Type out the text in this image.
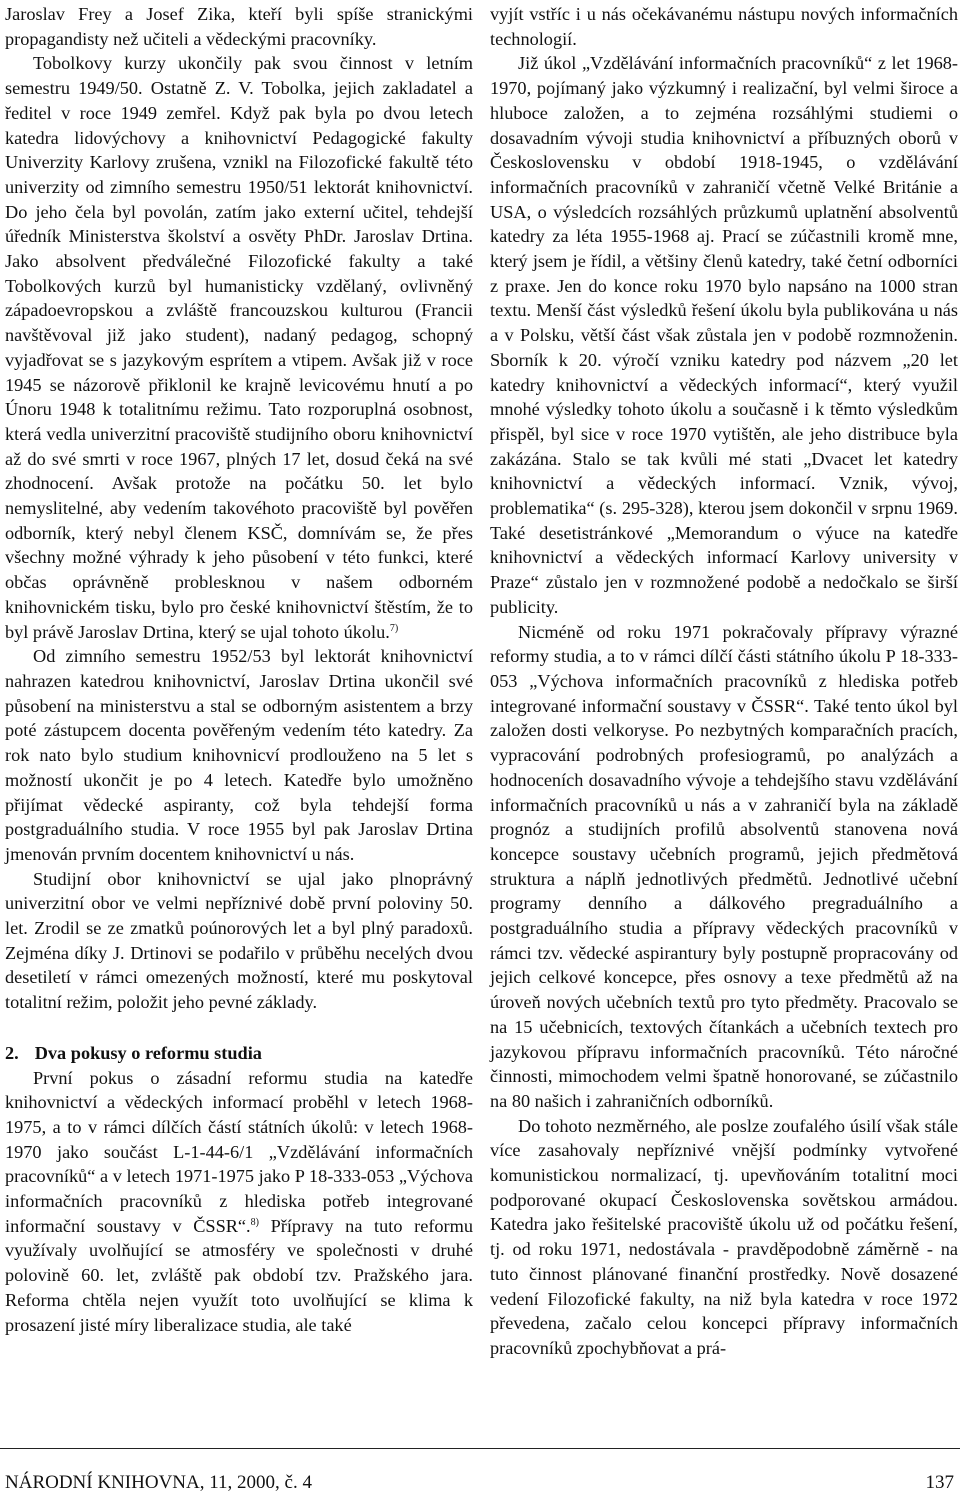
Jaroslav Frey a Josef Zika, kteří byli spíše stranickými propagandisty než učiteli a vědeckými pracovníky.

Tobolkovy kurzy ukončily pak svou činnost v letním semestru 1949/50. Ostatně Z. V. Tobolka, jejich zakladatel a ředitel v roce 1949 zemřel. Když pak byla po dvou letech katedra lidovýchovy a knihovnictví Pedagogické fakulty Univerzity Karlovy zrušena, vznikl na Filozofické fakultě této univerzity od zimního semestru 1950/51 lektorát knihovnictví. Do jeho čela byl povolán, zatím jako externí učitel, tehdejší úředník Ministerstva školství a osvěty PhDr. Jaroslav Drtina. Jako absolvent předválečné Filozofické fakulty a také Tobolkových kurzů byl humanisticky vzdělaný, ovlivněný západoevropskou a zvláště francouzskou kulturou (Francii navštěvoval již jako student), nadaný pedagog, schopný vyjadřovat se s jazykovým esprítem a vtipem. Avšak již v roce 1945 se názorově přiklonil ke krajně levicovému hnutí a po Únoru 1948 k totalitnímu režimu. Tato rozporuplná osobnost, která vedla univerzitní pracoviště studijního oboru knihovnictví až do své smrti v roce 1967, plných 17 let, dosud čeká na své zhodnocení. Avšak protože na počátku 50. let bylo nemyslitelné, aby vedením takovéhoto pracoviště byl pověřen odborník, který nebyl členem KSČ, domnívám se, že přes všechny možné výhrady k jeho působení v této funkci, které občas oprávněně problesknou v našem odborném knihovnickém tisku, bylo pro české knihovnictví štěstím, že to byl právě Jaroslav Drtina, který se ujal tohoto úkolu.$^{7)}$

Od zimního semestru 1952/53 byl lektorát knihovnictví nahrazen katedrou knihovnictví, Jaroslav Drtina ukončil své působení na ministerstvu a stal se odborným asistentem a brzy poté zástupcem docenta pověřeným vedením této katedry. Za rok nato bylo studium knihovnicví prodlouženo na 5 let s možností ukončit je po 4 letech. Katedře bylo umožněno přijímat vědecké aspiranty, což byla tehdejší forma postgraduálního studia. V roce 1955 byl pak Jaroslav Drtina jmenován prvním docentem knihovnictví u nás.

Studijní obor knihovnictví se ujal jako plnoprávný univerzitní obor ve velmi nepříznivé době první poloviny 50. let. Zrodil se ze zmatků poúnorových let a byl plný paradoxů. Zejména díky J. Drtinovi se podařilo v průběhu necelých dvou desetiletí v rámci omezených možností, které mu poskytoval totalitní režim, položit jeho pevné základy.

2. Dva pokusy o reformu studia

První pokus o zásadní reformu studia na katedře knihovnictví a vědeckých informací proběhl v letech 1968-1975, a to v rámci dílčích částí státních úkolů: v letech 1968-1970 jako součást L-1-44-6/1 „Vzdělávání informačních pracovníků“ a v letech 1971-1975 jako P 18-333-053 „Výchova informačních pracovníků z hlediska potřeb integrované informační soustavy v ČSSR“.$^{8)}$ Přípravy na tuto reformu využívaly uvolňující se atmosféry ve společnosti v druhé polovině 60. let, zvláště pak období tzv. Pražského jara. Reforma chtěla nejen využít toto uvolňující se klima k prosazení jisté míry liberalizace studia, ale také

vyjít vstříc i u nás očekávanému nástupu nových informačních technologií.

Již úkol „Vzdělávání informačních pracovníků“ z let 1968-1970, pojímaný jako výzkumný i realizační, byl velmi široce a hluboce založen, a to zejména rozsáhlými studiemi o dosavadním vývoji studia knihovnictví a příbuzných oborů v Československu v období 1918-1945, o vzdělávání informačních pracovníků v zahraničí včetně Velké Británie a USA, o výsledcích rozsáhlých průzkumů uplatnění absolventů katedry za léta 1955-1968 aj. Prací se zúčastnili kromě mne, který jsem je řídil, a většiny členů katedry, také četní odborníci z praxe. Jen do konce roku 1970 bylo napsáno na 1000 stran textu. Menší část výsledků řešení úkolu byla publikována u nás a v Polsku, větší část však zůstala jen v podobě rozmnoženin. Sborník k 20. výročí vzniku katedry pod názvem „20 let katedry knihovnictví a vědeckých informací“, který využil mnohé výsledky tohoto úkolu a současně i k těmto výsledkům přispěl, byl sice v roce 1970 vytištěn, ale jeho distribuce byla zakázána. Stalo se tak kvůli mé stati „Dvacet let katedry knihovnictví a vědeckých informací. Vznik, vývoj, problematika“ (s. 295-328), kterou jsem dokončil v srpnu 1969. Také desetistránkové „Memorandum o výuce na katedře knihovnictví a vědeckých informací Karlovy university v Praze“ zůstalo jen v rozmnožené podobě a nedočkalo se širší publicity.

Nicméně od roku 1971 pokračovaly přípravy výrazné reformy studia, a to v rámci dílčí části státního úkolu P 18-333-053 „Výchova informačních pracovníků z hlediska potřeb integrované informační soustavy v ČSSR“. Také tento úkol byl založen dosti velkoryse. Po nezbytných komparačních pracích, vypracování podrobných profesiogramů, po analýzách a hodnoceních dosavadního vývoje a tehdejšího stavu vzdělávání informačních pracovníků u nás a v zahraničí byla na základě prognóz a studijních profilů absolventů stanovena nová koncepce soustavy učebních programů, jejich předmětová struktura a náplň jednotlivých předmětů. Jednotlivé učební programy denního a dálkového pregraduálního a postgraduálního studia a přípravy vědeckých pracovníků v rámci tzv. vědecké aspirantury byly postupně propracovány od jejich celkové koncepce, přes osnovy a texe předmětů až na úroveň nových učebních textů pro tyto předměty. Pracovalo se na 15 učebnicích, textových čítankách a učebních textech pro jazykovou přípravu informačních pracovníků. Této náročné činnosti, mimochodem velmi špatně honorované, se zúčastnilo na 80 našich i zahraničních odborníků.

Do tohoto nezměrného, ale poslze zoufalého úsilí však stále více zasahovaly nepříznivé vnější podmínky vytvořené komunistickou normalizací, tj. upevňováním totalitní moci podporované okupací Československa sovětskou armádou. Katedra jako řešitelské pracoviště úkolu už od počátku řešení, tj. od roku 1971, nedostávala - pravděpodobně záměrně - na tuto činnost plánované finanční prostředky. Nově dosazené vedení Filozofické fakulty, na niž byla katedra v roce 1972 převedena, začalo celou koncepci přípravy informačních pracovníků zpochybňovat a prá-

NÁRODNÍ KNIHOVNA, 11, 2000, č. 4	137
